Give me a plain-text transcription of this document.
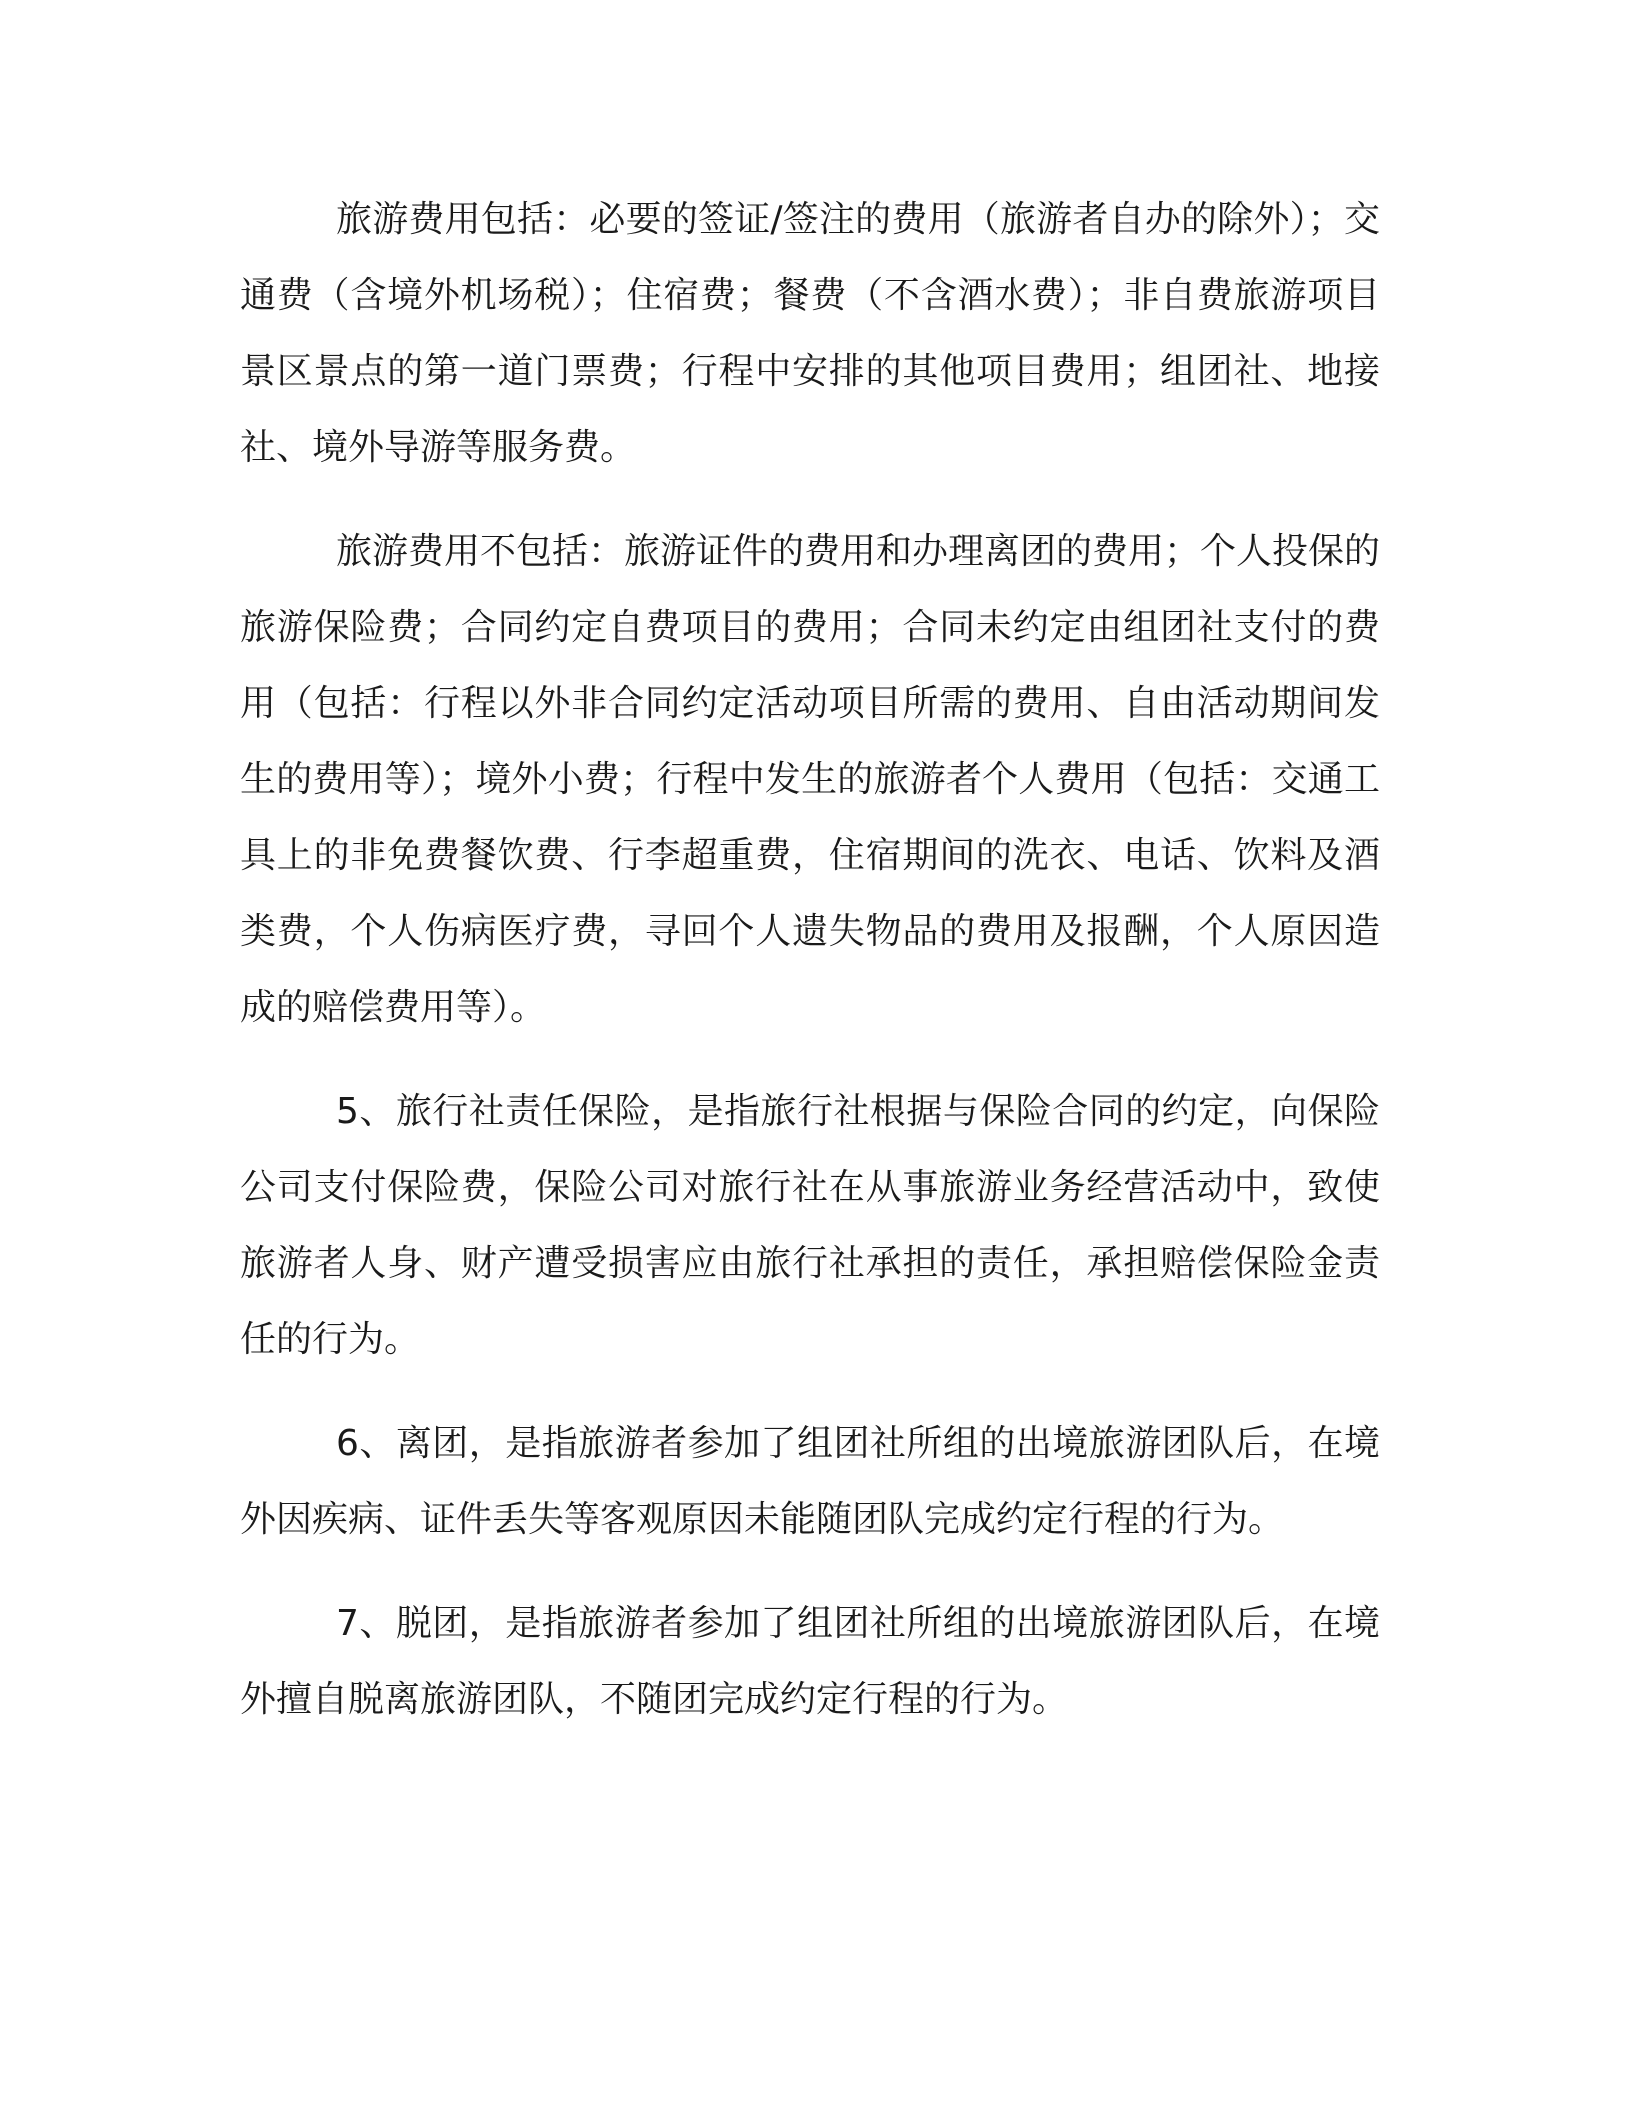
旅游费用包括：必要的签证/签注的费用（旅游者自办的除外）；交通费（含境外机场税）；住宿费；餐费（不含酒水费）；非自费旅游项目景区景点的第一道门票费；行程中安排的其他项目费用；组团社、地接社、境外导游等服务费。

旅游费用不包括：旅游证件的费用和办理离团的费用；个人投保的旅游保险费；合同约定自费项目的费用；合同未约定由组团社支付的费用（包括：行程以外非合同约定活动项目所需的费用、自由活动期间发生的费用等）；境外小费；行程中发生的旅游者个人费用（包括：交通工具上的非免费餐饮费、行李超重费，住宿期间的洗衣、电话、饮料及酒类费，个人伤病医疗费，寻回个人遗失物品的费用及报酬，个人原因造成的赔偿费用等）。

5、旅行社责任保险，是指旅行社根据与保险合同的约定，向保险公司支付保险费，保险公司对旅行社在从事旅游业务经营活动中，致使旅游者人身、财产遭受损害应由旅行社承担的责任，承担赔偿保险金责任的行为。

6、离团，是指旅游者参加了组团社所组的出境旅游团队后，在境外因疾病、证件丢失等客观原因未能随团队完成约定行程的行为。

7、脱团，是指旅游者参加了组团社所组的出境旅游团队后，在境外擅自脱离旅游团队，不随团完成约定行程的行为。
